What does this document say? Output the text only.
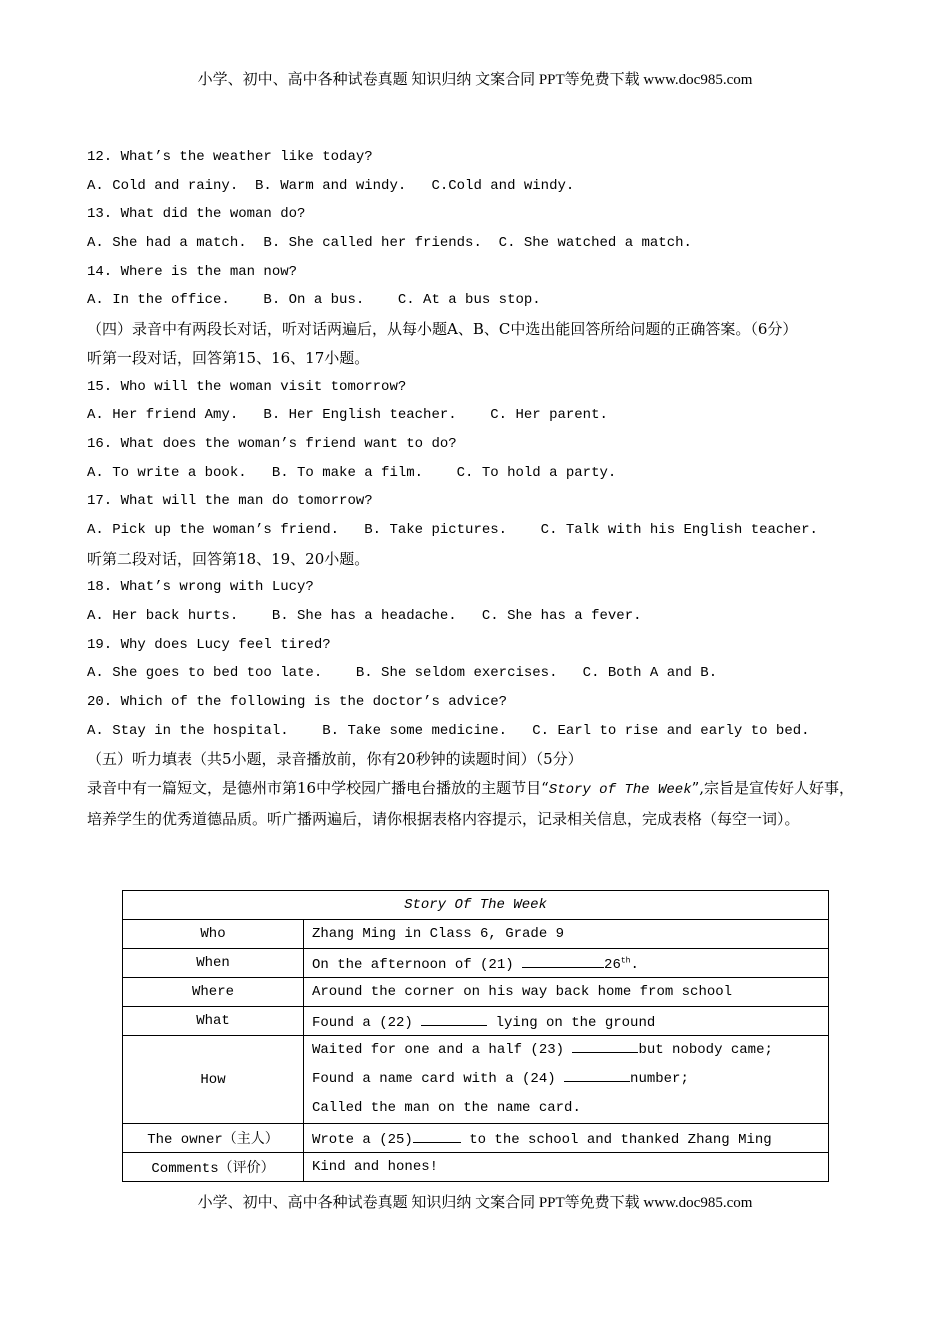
小学、初中、高中各种试卷真题 知识归纳 文案合同 PPT等免费下载 www.doc985.com
12. What’s the weather like today?
A. Cold and rainy.  B. Warm and windy.   C.Cold and windy.
13. What did the woman do?
A. She had a match.  B. She called her friends.  C. She watched a match.
14. Where is the man now?
A. In the office.    B. On a bus.    C. At a bus stop.
（四）录音中有两段长对话，听对话两遍后，从每小题A、B、C中选出能回答所给问题的正确答案。（6分）
听第一段对话，回答第15、16、17小题。
15. Who will the woman visit tomorrow?
A. Her friend Amy.   B. Her English teacher.    C. Her parent.
16. What does the woman’s friend want to do?
A. To write a book.   B. To make a film.    C. To hold a party.
17. What will the man do tomorrow?
A. Pick up the woman’s friend.   B. Take pictures.    C. Talk with his English teacher.
听第二段对话，回答第18、19、20小题。
18. What’s wrong with Lucy?
A. Her back hurts.    B. She has a headache.   C. She has a fever.
19. Why does Lucy feel tired?
A. She goes to bed too late.    B. She seldom exercises.   C. Both A and B.
20. Which of the following is the doctor’s advice?
A. Stay in the hospital.    B. Take some medicine.   C. Earl to rise and early to bed.
（五）听力填表（共5小题，录音播放前，你有20秒钟的读题时间）（5分）
录音中有一篇短文，是德州市第16中学校园广播电台播放的主题节目“Story of The Week”,宗旨是宣传好人好事，培养学生的优秀道德品质。听广播两遍后，请你根据表格内容提示，记录相关信息，完成表格（每空一词）。
Story Of The Week	
Who	Zhang Ming in Class 6, Grade 9
When	On the afternoon of (21) 26th.
Where	Around the corner on his way back home from school
What	Found a (22) lying on the ground
How	Waited for one and a half (23) but nobody came;
Found a name card with a (24) number;
Called the man on the name card.

The owner（主人）	Wrote a (25) to the school and thanked Zhang Ming
Comments（评价）	Kind and hones!
小学、初中、高中各种试卷真题 知识归纳 文案合同 PPT等免费下载 www.doc985.com
